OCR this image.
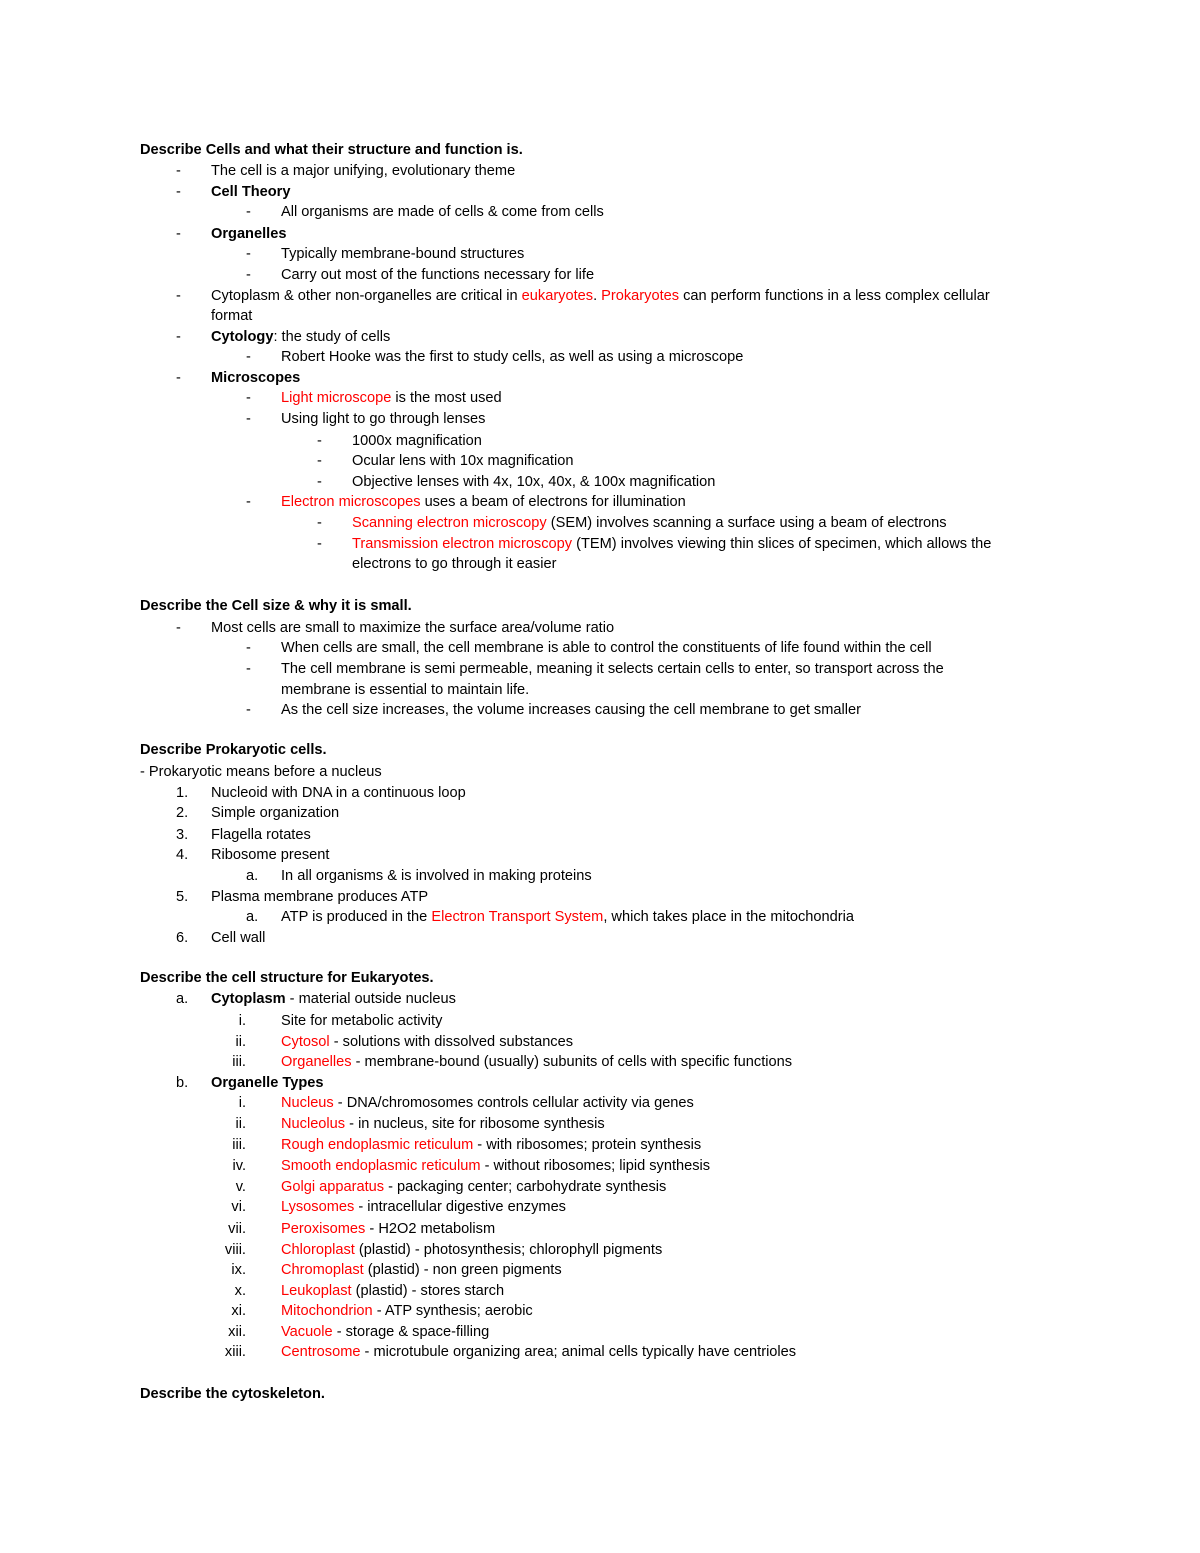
Describe Cells and what their structure and function is.
- The cell is a major unifying, evolutionary theme
- Cell Theory
- All organisms are made of cells & come from cells
- Organelles
- Typically membrane-bound structures
- Carry out most of the functions necessary for life
- Cytoplasm & other non-organelles are critical in eukaryotes. Prokaryotes can perform functions in a less complex cellular
format
- Cytology: the study of cells
- Robert Hooke was the first to study cells, as well as using a microscope
- Microscopes
- Light microscope is the most used
- Using light to go through lenses
- 1000x magnification
- Ocular lens with 10x magnification
- Objective lenses with 4x, 10x, 40x, & 100x magnification
- Electron microscopes uses a beam of electrons for illumination
- Scanning electron microscopy (SEM) involves scanning a surface using a beam of electrons
- Transmission electron microscopy (TEM) involves viewing thin slices of specimen, which allows the
electrons to go through it easier
Describe the Cell size & why it is small.
- Most cells are small to maximize the surface area/volume ratio
- When cells are small, the cell membrane is able to control the constituents of life found within the cell
- The cell membrane is semi permeable, meaning it selects certain cells to enter, so transport across the
membrane is essential to maintain life.
- As the cell size increases, the volume increases causing the cell membrane to get smaller
Describe Prokaryotic cells.
- Prokaryotic means before a nucleus
1. Nucleoid with DNA in a continuous loop
2. Simple organization
3. Flagella rotates
4. Ribosome present
a. In all organisms & is involved in making proteins
5. Plasma membrane produces ATP
a. ATP is produced in the Electron Transport System, which takes place in the mitochondria
6. Cell wall
Describe the cell structure for Eukaryotes.
a. Cytoplasm - material outside nucleus
i. Site for metabolic activity
ii. Cytosol - solutions with dissolved substances
iii. Organelles - membrane-bound (usually) subunits of cells with specific functions
b. Organelle Types
i. Nucleus - DNA/chromosomes controls cellular activity via genes
ii. Nucleolus - in nucleus, site for ribosome synthesis
iii. Rough endoplasmic reticulum - with ribosomes; protein synthesis
iv. Smooth endoplasmic reticulum - without ribosomes; lipid synthesis
v. Golgi apparatus - packaging center; carbohydrate synthesis
vi. Lysosomes - intracellular digestive enzymes
vii. Peroxisomes - H2O2 metabolism
viii. Chloroplast (plastid) - photosynthesis; chlorophyll pigments
ix. Chromoplast (plastid) - non green pigments
x. Leukoplast (plastid) - stores starch
xi. Mitochondrion - ATP synthesis; aerobic
xii. Vacuole - storage & space-filling
xiii. Centrosome - microtubule organizing area; animal cells typically have centrioles
Describe the cytoskeleton.
